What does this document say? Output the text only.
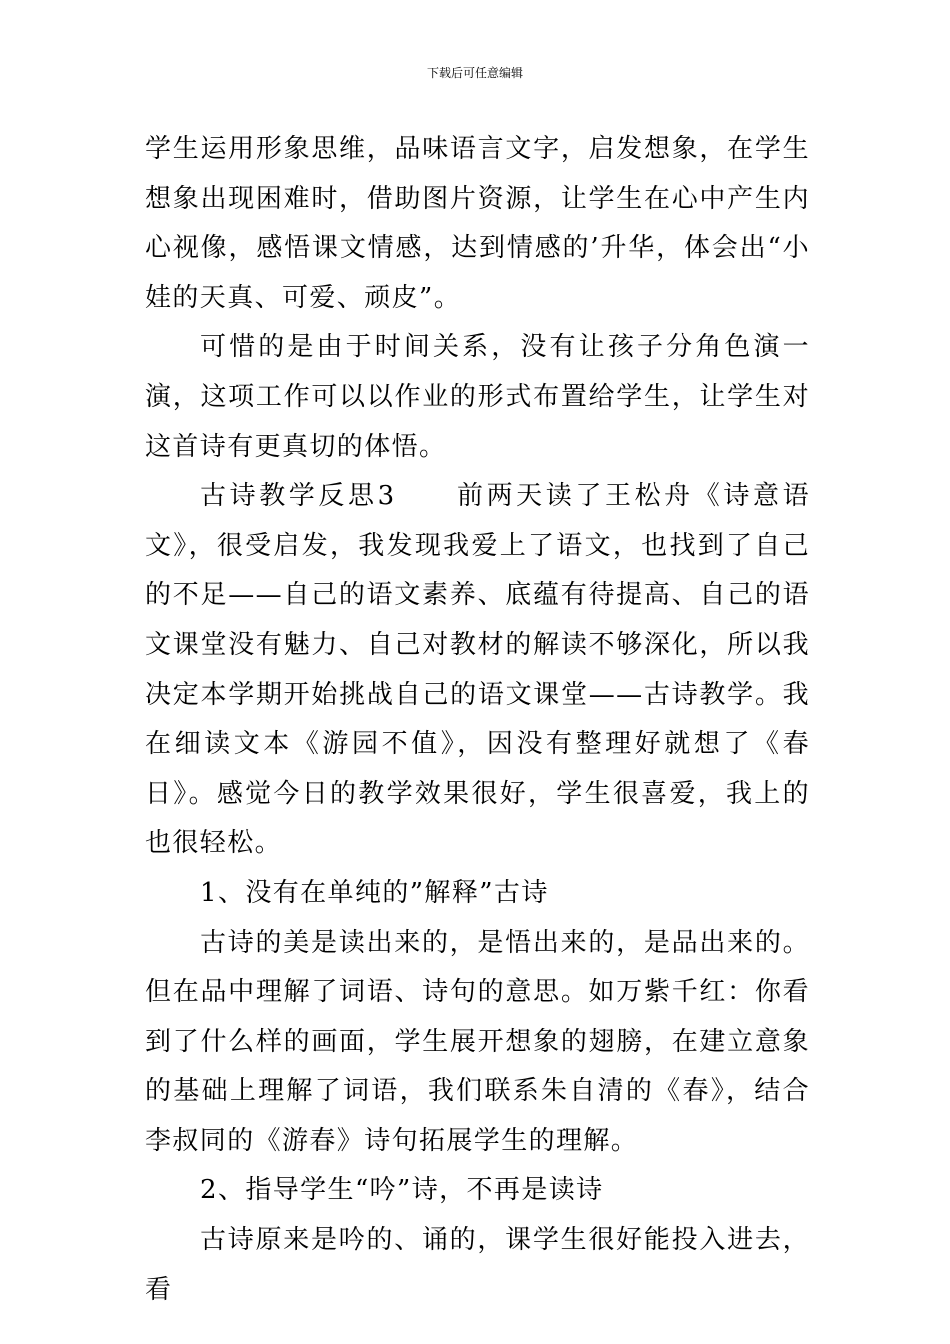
下载后可任意编辑

学生运用形象思维，品味语言文字，启发想象，在学生想象出现困难时，借助图片资源，让学生在心中产生内心视像，感悟课文情感，达到情感的’升华，体会出“小娃的天真、可爱、顽皮”。

可惜的是由于时间关系，没有让孩子分角色演一演，这项工作可以以作业的形式布置给学生，让学生对这首诗有更真切的体悟。

古诗教学反思3　　前两天读了王松舟《诗意语文》，很受启发，我发现我爱上了语文，也找到了自己的不足——自己的语文素养、底蕴有待提高、自己的语文课堂没有魅力、自己对教材的解读不够深化，所以我决定本学期开始挑战自己的语文课堂——古诗教学。我在细读文本《游园不值》，因没有整理好就想了《春日》。感觉今日的教学效果很好，学生很喜爱，我上的也很轻松。

1、没有在单纯的”解释”古诗

古诗的美是读出来的，是悟出来的，是品出来的。但在品中理解了词语、诗句的意思。如万紫千红：你看到了什么样的画面，学生展开想象的翅膀，在建立意象的基础上理解了词语，我们联系朱自清的《春》，结合李叔同的《游春》诗句拓展学生的理解。

2、指导学生“吟”诗，不再是读诗

古诗原来是吟的、诵的，课学生很好能投入进去，看
